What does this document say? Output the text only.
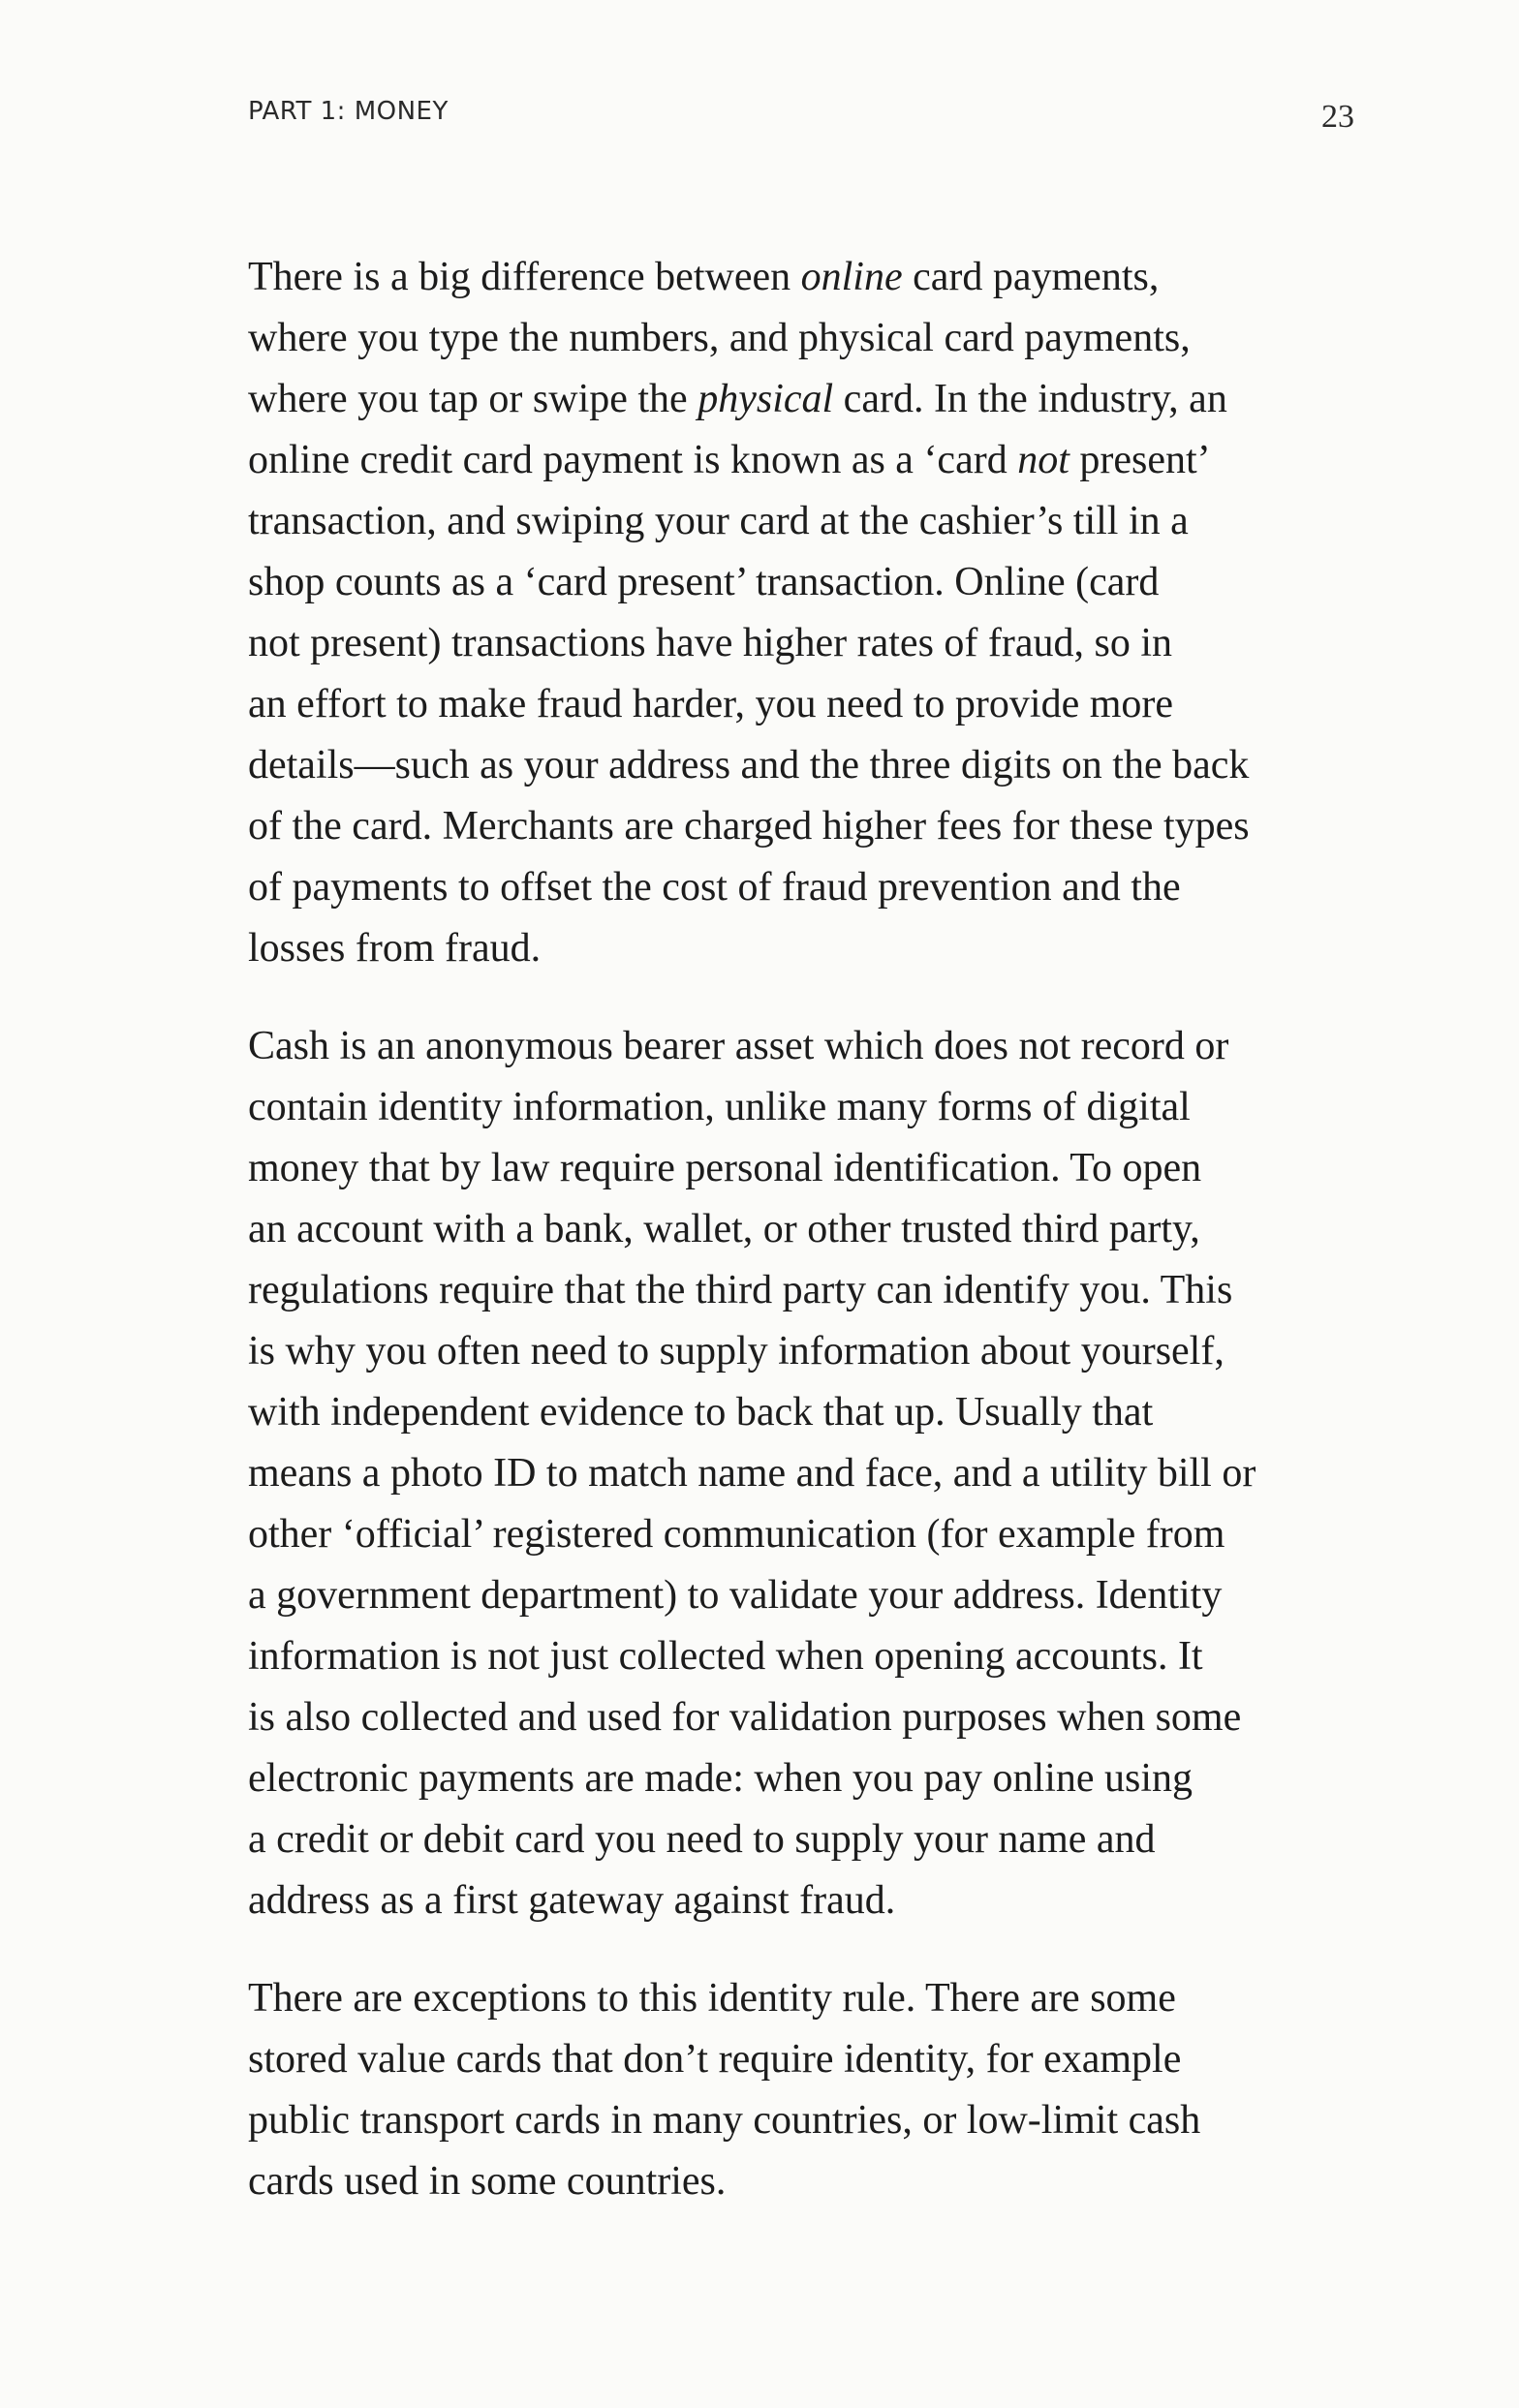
PART 1: MONEY	23
There is a big difference between online card payments,
where you type the numbers, and physical card payments,
where you tap or swipe the physical card. In the industry, an
online credit card payment is known as a ‘card not present’
transaction, and swiping your card at the cashier’s till in a
shop counts as a ‘card present’ transaction. Online (card
not present) transactions have higher rates of fraud, so in
an effort to make fraud harder, you need to provide more
details—such as your address and the three digits on the back
of the card. Merchants are charged higher fees for these types
of payments to offset the cost of fraud prevention and the
losses from fraud.
Cash is an anonymous bearer asset which does not record or
contain identity information, unlike many forms of digital
money that by law require personal identification. To open
an account with a bank, wallet, or other trusted third party,
regulations require that the third party can identify you. This
is why you often need to supply information about yourself,
with independent evidence to back that up. Usually that
means a photo ID to match name and face, and a utility bill or
other ‘official’ registered communication (for example from
a government department) to validate your address. Identity
information is not just collected when opening accounts. It
is also collected and used for validation purposes when some
electronic payments are made: when you pay online using
a credit or debit card you need to supply your name and
address as a first gateway against fraud.
There are exceptions to this identity rule. There are some
stored value cards that don’t require identity, for example
public transport cards in many countries, or low-limit cash
cards used in some countries.
